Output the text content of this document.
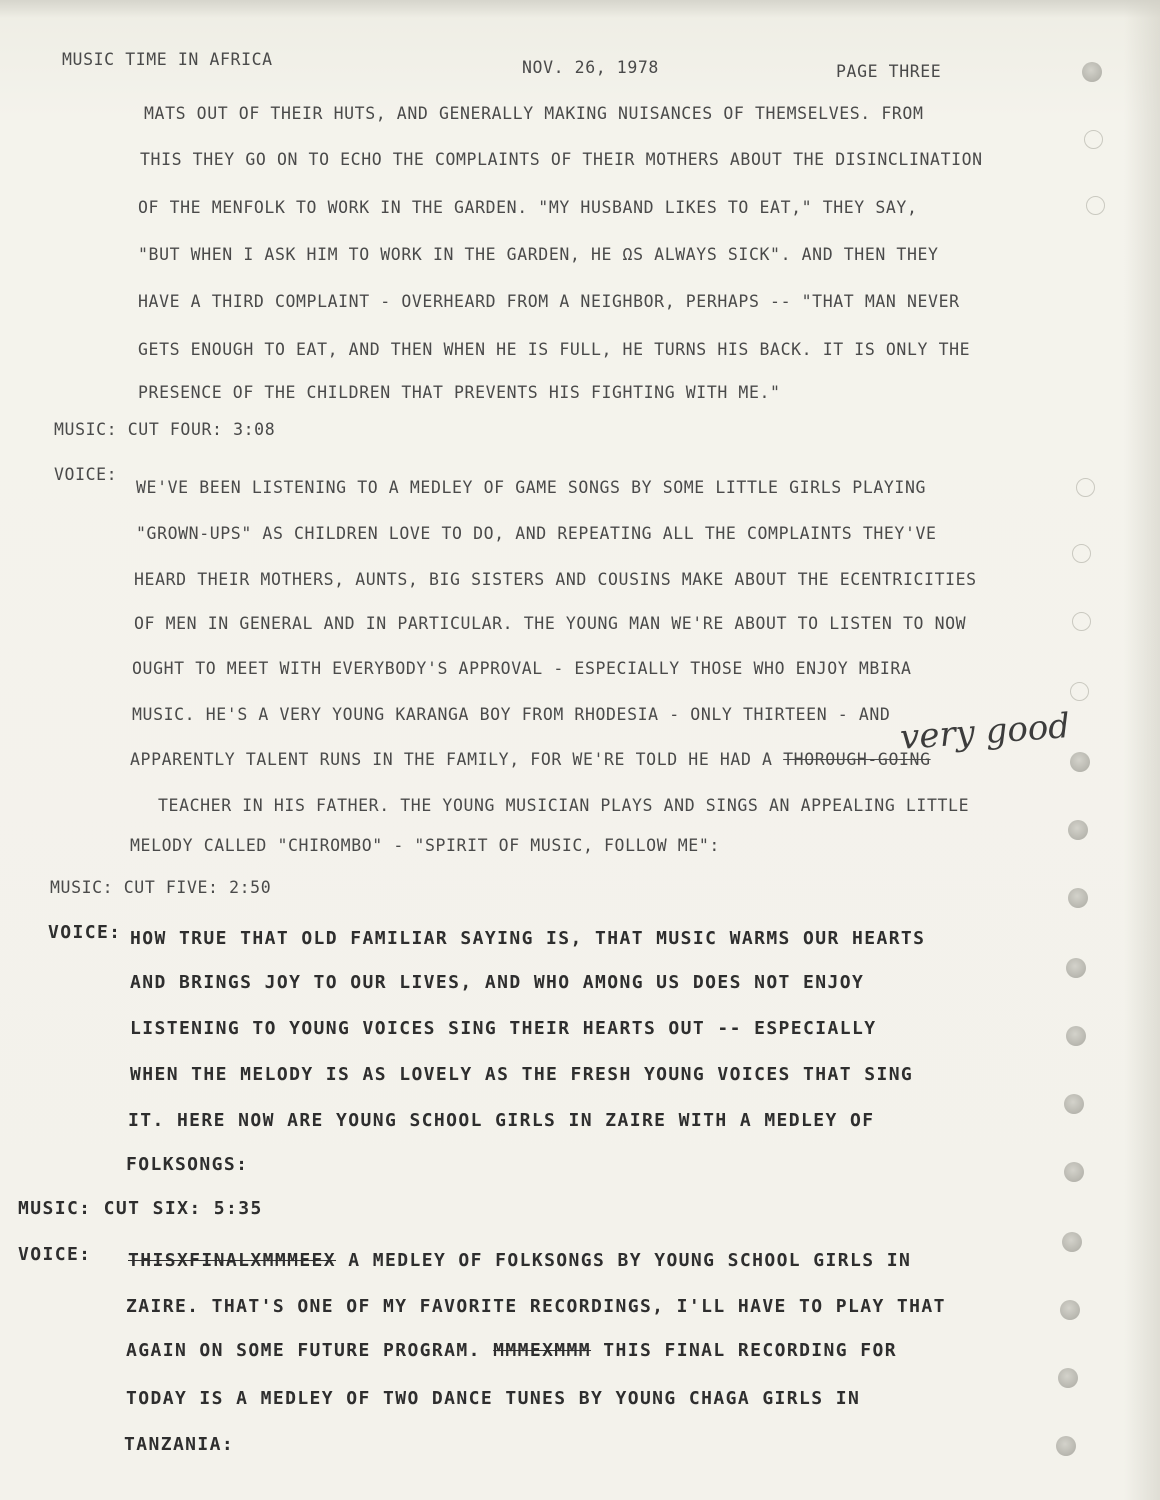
MUSIC TIME IN AFRICA	NOV. 26, 1978	PAGE THREE
MATS OUT OF THEIR HUTS, AND GENERALLY MAKING NUISANCES OF THEMSELVES. FROM
THIS THEY GO ON TO ECHO THE COMPLAINTS OF THEIR MOTHERS ABOUT THE DISINCLINATION
OF THE MENFOLK TO WORK IN THE GARDEN. "MY HUSBAND LIKES TO EAT," THEY SAY,
"BUT WHEN I ASK HIM TO WORK IN THE GARDEN, HE ΩS ALWAYS SICK". AND THEN THEY
HAVE A THIRD COMPLAINT - OVERHEARD FROM A NEIGHBOR, PERHAPS -- "THAT MAN NEVER
GETS ENOUGH TO EAT, AND THEN WHEN HE IS FULL, HE TURNS HIS BACK. IT IS ONLY THE
PRESENCE OF THE CHILDREN THAT PREVENTS HIS FIGHTING WITH ME."
MUSIC: CUT FOUR: 3:08
VOICE:
WE'VE BEEN LISTENING TO A MEDLEY OF GAME SONGS BY SOME LITTLE GIRLS PLAYING
"GROWN-UPS" AS CHILDREN LOVE TO DO, AND REPEATING ALL THE COMPLAINTS THEY'VE
HEARD THEIR MOTHERS, AUNTS, BIG SISTERS AND COUSINS MAKE ABOUT THE ECENTRICITIES
OF MEN IN GENERAL AND IN PARTICULAR. THE YOUNG MAN WE'RE ABOUT TO LISTEN TO NOW
OUGHT TO MEET WITH EVERYBODY'S APPROVAL - ESPECIALLY THOSE WHO ENJOY MBIRA
MUSIC. HE'S A VERY YOUNG KARANGA BOY FROM RHODESIA - ONLY THIRTEEN - AND
APPARENTLY TALENT RUNS IN THE FAMILY, FOR WE'RE TOLD HE HAD A THOROUGH-GOING
very good
TEACHER IN HIS FATHER. THE YOUNG MUSICIAN PLAYS AND SINGS AN APPEALING LITTLE
MELODY CALLED "CHIROMBO" - "SPIRIT OF MUSIC, FOLLOW ME":
MUSIC: CUT FIVE: 2:50
VOICE: HOW TRUE THAT OLD FAMILIAR SAYING IS, THAT MUSIC WARMS OUR HEARTS
AND BRINGS JOY TO OUR LIVES, AND WHO AMONG US DOES NOT ENJOY
LISTENING TO YOUNG VOICES SING THEIR HEARTS OUT -- ESPECIALLY
WHEN THE MELODY IS AS LOVELY AS THE FRESH YOUNG VOICES THAT SING
IT. HERE NOW ARE YOUNG SCHOOL GIRLS IN ZAIRE WITH A MEDLEY OF
FOLKSONGS:
MUSIC: CUT SIX: 5:35
VOICE: THISXFINALXMMMEEX A MEDLEY OF FOLKSONGS BY YOUNG SCHOOL GIRLS IN
ZAIRE. THAT'S ONE OF MY FAVORITE RECORDINGS, I'LL HAVE TO PLAY THAT
AGAIN ON SOME FUTURE PROGRAM. MMMEXMMM THIS FINAL RECORDING FOR
TODAY IS A MEDLEY OF TWO DANCE TUNES BY YOUNG CHAGA GIRLS IN
TANZANIA:
